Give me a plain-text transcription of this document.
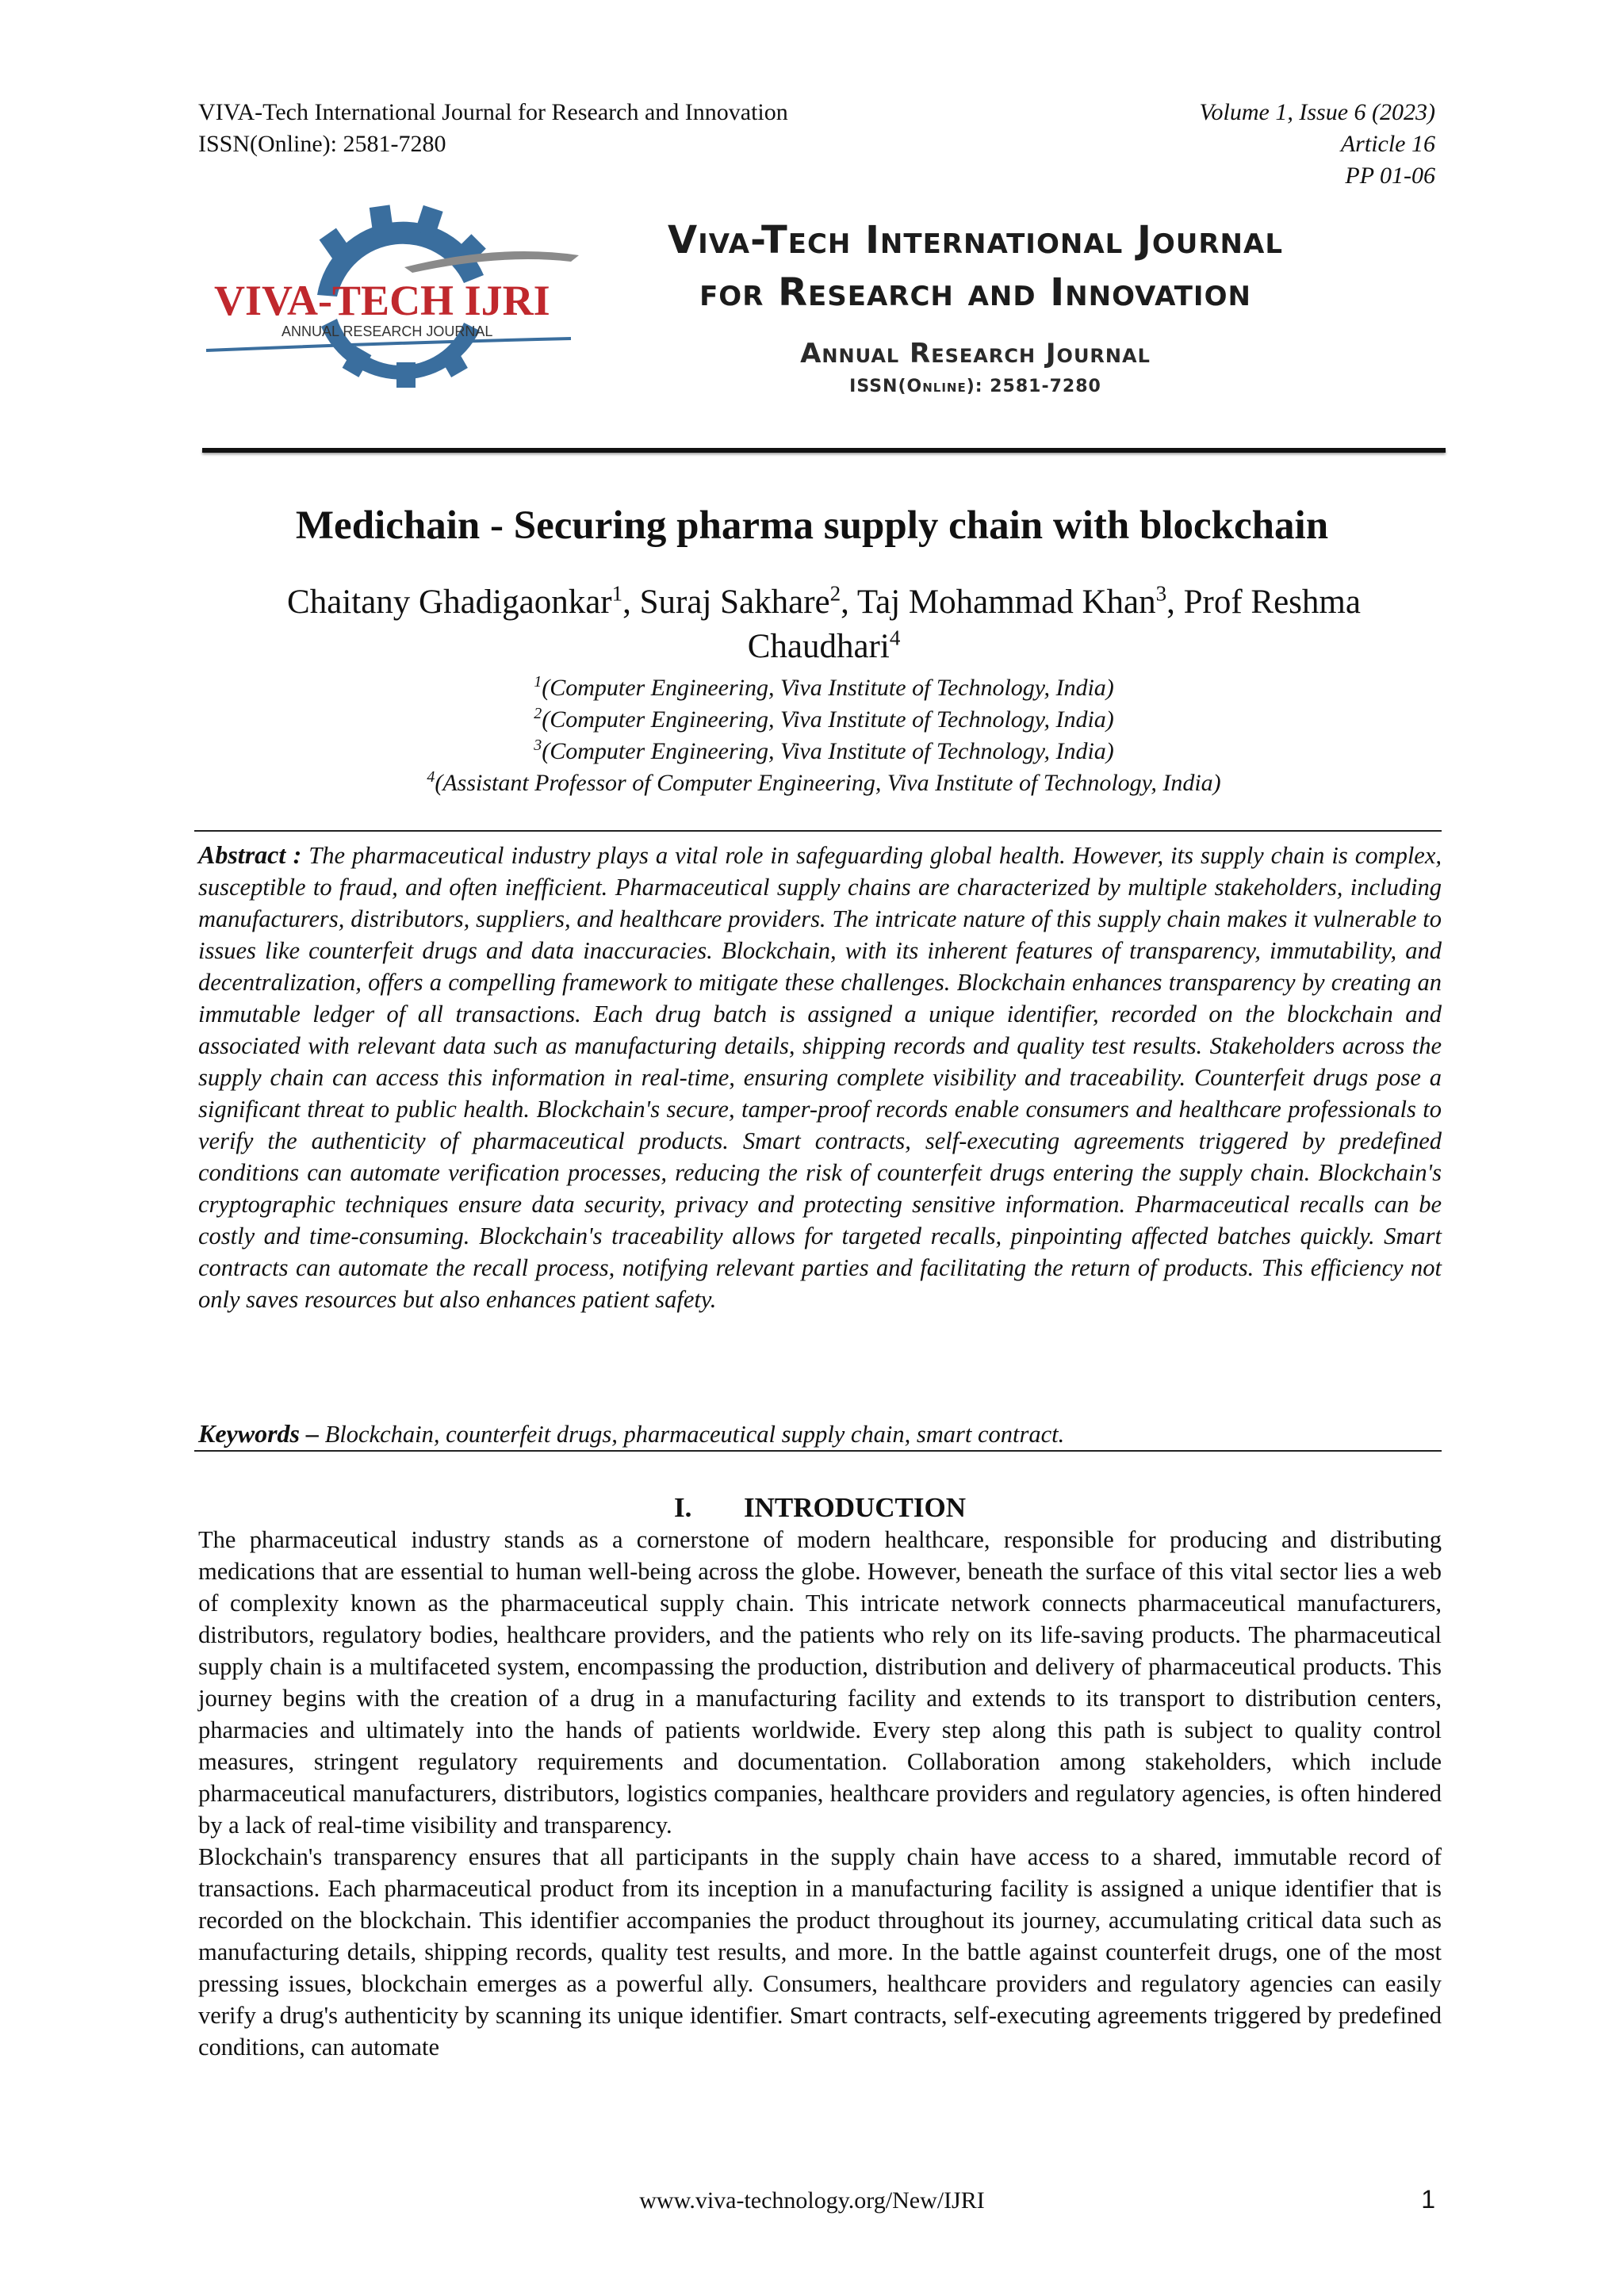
VIVA-Tech International Journal for Research and Innovation
ISSN(Online): 2581-7280
Volume 1, Issue 6 (2023)
Article 16
PP 01-06
VIVA-TECH IJRI
ANNUAL RESEARCH JOURNAL
Viva-Tech International Journal
for Research and Innovation
Annual Research Journal
ISSN(Online): 2581-7280
Medichain - Securing pharma supply chain with blockchain
Chaitany Ghadigaonkar$^1$, Suraj Sakhare$^2$, Taj Mohammad Khan$^3$, Prof Reshma
Chaudhari$^4$
$^1$(Computer Engineering, Viva Institute of Technology, India)
$^2$(Computer Engineering, Viva Institute of Technology, India)
$^3$(Computer Engineering, Viva Institute of Technology, India)
$^4$(Assistant Professor of Computer Engineering, Viva Institute of Technology, India)
Abstract : The pharmaceutical industry plays a vital role in safeguarding global health. However, its supply chain is complex, susceptible to fraud, and often inefficient. Pharmaceutical supply chains are characterized by multiple stakeholders, including manufacturers, distributors, suppliers, and healthcare providers. The intricate nature of this supply chain makes it vulnerable to issues like counterfeit drugs and data inaccuracies. Blockchain, with its inherent features of transparency, immutability, and decentralization, offers a compelling framework to mitigate these challenges. Blockchain enhances transparency by creating an immutable ledger of all transactions. Each drug batch is assigned a unique identifier, recorded on the blockchain and associated with relevant data such as manufacturing details, shipping records and quality test results. Stakeholders across the supply chain can access this information in real-time, ensuring complete visibility and traceability. Counterfeit drugs pose a significant threat to public health. Blockchain's secure, tamper-proof records enable consumers and healthcare professionals to verify the authenticity of pharmaceutical products. Smart contracts, self-executing agreements triggered by predefined conditions can automate verification processes, reducing the risk of counterfeit drugs entering the supply chain. Blockchain's cryptographic techniques ensure data security, privacy and protecting sensitive information. Pharmaceutical recalls can be costly and time-consuming. Blockchain's traceability allows for targeted recalls, pinpointing affected batches quickly. Smart contracts can automate the recall process, notifying relevant parties and facilitating the return of products. This efficiency not only saves resources but also enhances patient safety.
Keywords – Blockchain, counterfeit drugs, pharmaceutical supply chain, smart contract.
I. INTRODUCTION

The pharmaceutical industry stands as a cornerstone of modern healthcare, responsible for producing and distributing medications that are essential to human well-being across the globe. However, beneath the surface of this vital sector lies a web of complexity known as the pharmaceutical supply chain. This intricate network connects pharmaceutical manufacturers, distributors, regulatory bodies, healthcare providers, and the patients who rely on its life-saving products. The pharmaceutical supply chain is a multifaceted system, encompassing the production, distribution and delivery of pharmaceutical products. This journey begins with the creation of a drug in a manufacturing facility and extends to its transport to distribution centers, pharmacies and ultimately into the hands of patients worldwide. Every step along this path is subject to quality control measures, stringent regulatory requirements and documentation. Collaboration among stakeholders, which include pharmaceutical manufacturers, distributors, logistics companies, healthcare providers and regulatory agencies, is often hindered by a lack of real-time visibility and transparency.

Blockchain's transparency ensures that all participants in the supply chain have access to a shared, immutable record of transactions. Each pharmaceutical product from its inception in a manufacturing facility is assigned a unique identifier that is recorded on the blockchain. This identifier accompanies the product throughout its journey, accumulating critical data such as manufacturing details, shipping records, quality test results, and more. In the battle against counterfeit drugs, one of the most pressing issues, blockchain emerges as a powerful ally. Consumers, healthcare providers and regulatory agencies can easily verify a drug's authenticity by scanning its unique identifier. Smart contracts, self-executing agreements triggered by predefined conditions, can automate

www.viva-technology.org/New/IJRI	1
